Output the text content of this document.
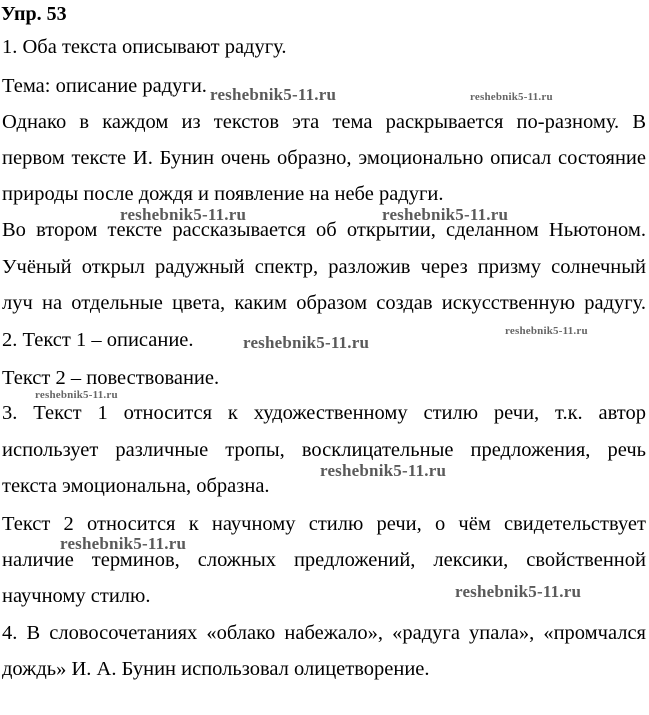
Упр. 53
1. Оба текста описывают радугу.
Тема: описание радуги.
Однако в каждом из текстов эта тема раскрывается по-разному. В
первом тексте И. Бунин очень образно, эмоционально описал состояние
природы после дождя и появление на небе радуги.
Во втором тексте рассказывается об открытии, сделанном Ньютоном.
Учёный открыл радужный спектр, разложив через призму солнечный
луч на отдельные цвета, каким образом создав искусственную радугу.
2. Текст 1 – описание.
Текст 2 – повествование.
3. Текст 1 относится к художественному стилю речи, т.к. автор
использует различные тропы, восклицательные предложения, речь
текста эмоциональна, образна.
Текст 2 относится к научному стилю речи, о чём свидетельствует
наличие терминов, сложных предложений, лексики, свойственной
научному стилю.
4. В словосочетаниях «облако набежало», «радуга упала», «промчался
дождь» И. А. Бунин использовал олицетворение.
reshebnik5-11.ru	reshebnik5-11.ru
reshebnik5-11.ru	reshebnik5-11.ru
reshebnik5-11.ru
reshebnik5-11.ru
reshebnik5-11.ru
reshebnik5-11.ru
reshebnik5-11.ru
reshebnik5-11.ru
